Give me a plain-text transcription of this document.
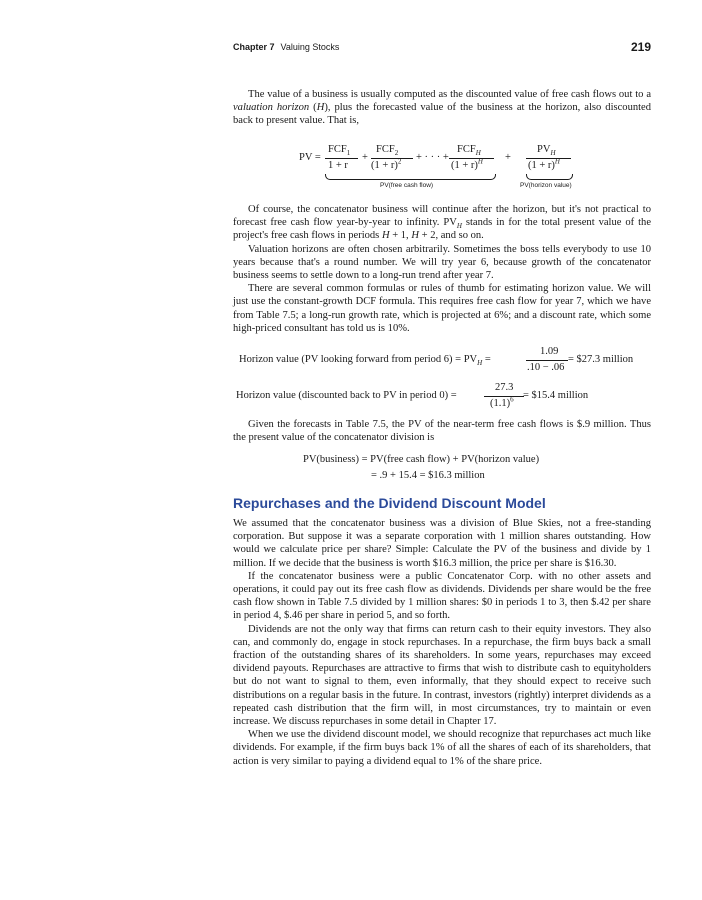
Chapter 7 Valuing Stocks	219

The value of a business is usually computed as the discounted value of free cash flows out to a valuation horizon (H), plus the forecasted value of the business at the horizon, also discounted back to present value. That is,

PV =
$FCF_1$
1 + r
+
$FCF_2$
$(1 + r)^2$ + · · · +
$FCF_H$
$(1 + r)^H$ +
$PV_H$
$(1 + r)^H$
PV(free cash flow)	PV(horizon value)

Of course, the concatenator business will continue after the horizon, but it's not practical to forecast free cash flow year-by-year to infinity. $PV_H$ stands in for the total present value of the project's free cash flows in periods H + 1, H + 2, and so on.

Valuation horizons are often chosen arbitrarily. Sometimes the boss tells everybody to use 10 years because that's a round number. We will try year 6, because growth of the concatenator business seems to settle down to a long-run trend after year 7.

There are several common formulas or rules of thumb for estimating horizon value. We will just use the constant-growth DCF formula. This requires free cash flow for year 7, which we have from Table 7.5; a long-run growth rate, which is projected at 6%; and a discount rate, which some high-priced consultant has told us is 10%.

Horizon value (PV looking forward from period $6) = PV_H$ =
1.09
.10 − .06
= $27.3 million
Horizon value (discounted back to PV in period 0) =
27.3
$(1.1)^6$ = $15.4 million

Given the forecasts in Table 7.5, the PV of the near-term free cash flows is $.9 million. Thus the present value of the concatenator division is

PV(business) = PV(free cash flow) + PV(horizon value)
= .9 + 15.4 = $16.3 million
Repurchases and the Dividend Discount Model

We assumed that the concatenator business was a division of Blue Skies, not a free-standing corporation. But suppose it was a separate corporation with 1 million shares outstanding. How would we calculate price per share? Simple: Calculate the PV of the business and divide by 1 million. If we decide that the business is worth $16.3 million, the price per share is $16.30.

If the concatenator business were a public Concatenator Corp. with no other assets and operations, it could pay out its free cash flow as dividends. Dividends per share would be the free cash flow shown in Table 7.5 divided by 1 million shares: $0 in periods 1 to 3, then $.42 per share in period 4, $.46 per share in period 5, and so forth.

Dividends are not the only way that firms can return cash to their equity investors. They also can, and commonly do, engage in stock repurchases. In a repurchase, the firm buys back a small fraction of the outstanding shares of its shareholders. In some years, repurchases may exceed dividend payouts. Repurchases are attractive to firms that wish to distribute cash to equityholders but do not want to signal to them, even informally, that they should expect to receive such distributions on a regular basis in the future. In contrast, investors (rightly) interpret dividends as a repeated cash distribution that the firm will, in most circumstances, try to maintain or even increase. We discuss repurchases in some detail in Chapter 17.

When we use the dividend discount model, we should recognize that repurchases act much like dividends. For example, if the firm buys back 1% of all the shares of each of its shareholders, that action is very similar to paying a dividend equal to 1% of the share price.
